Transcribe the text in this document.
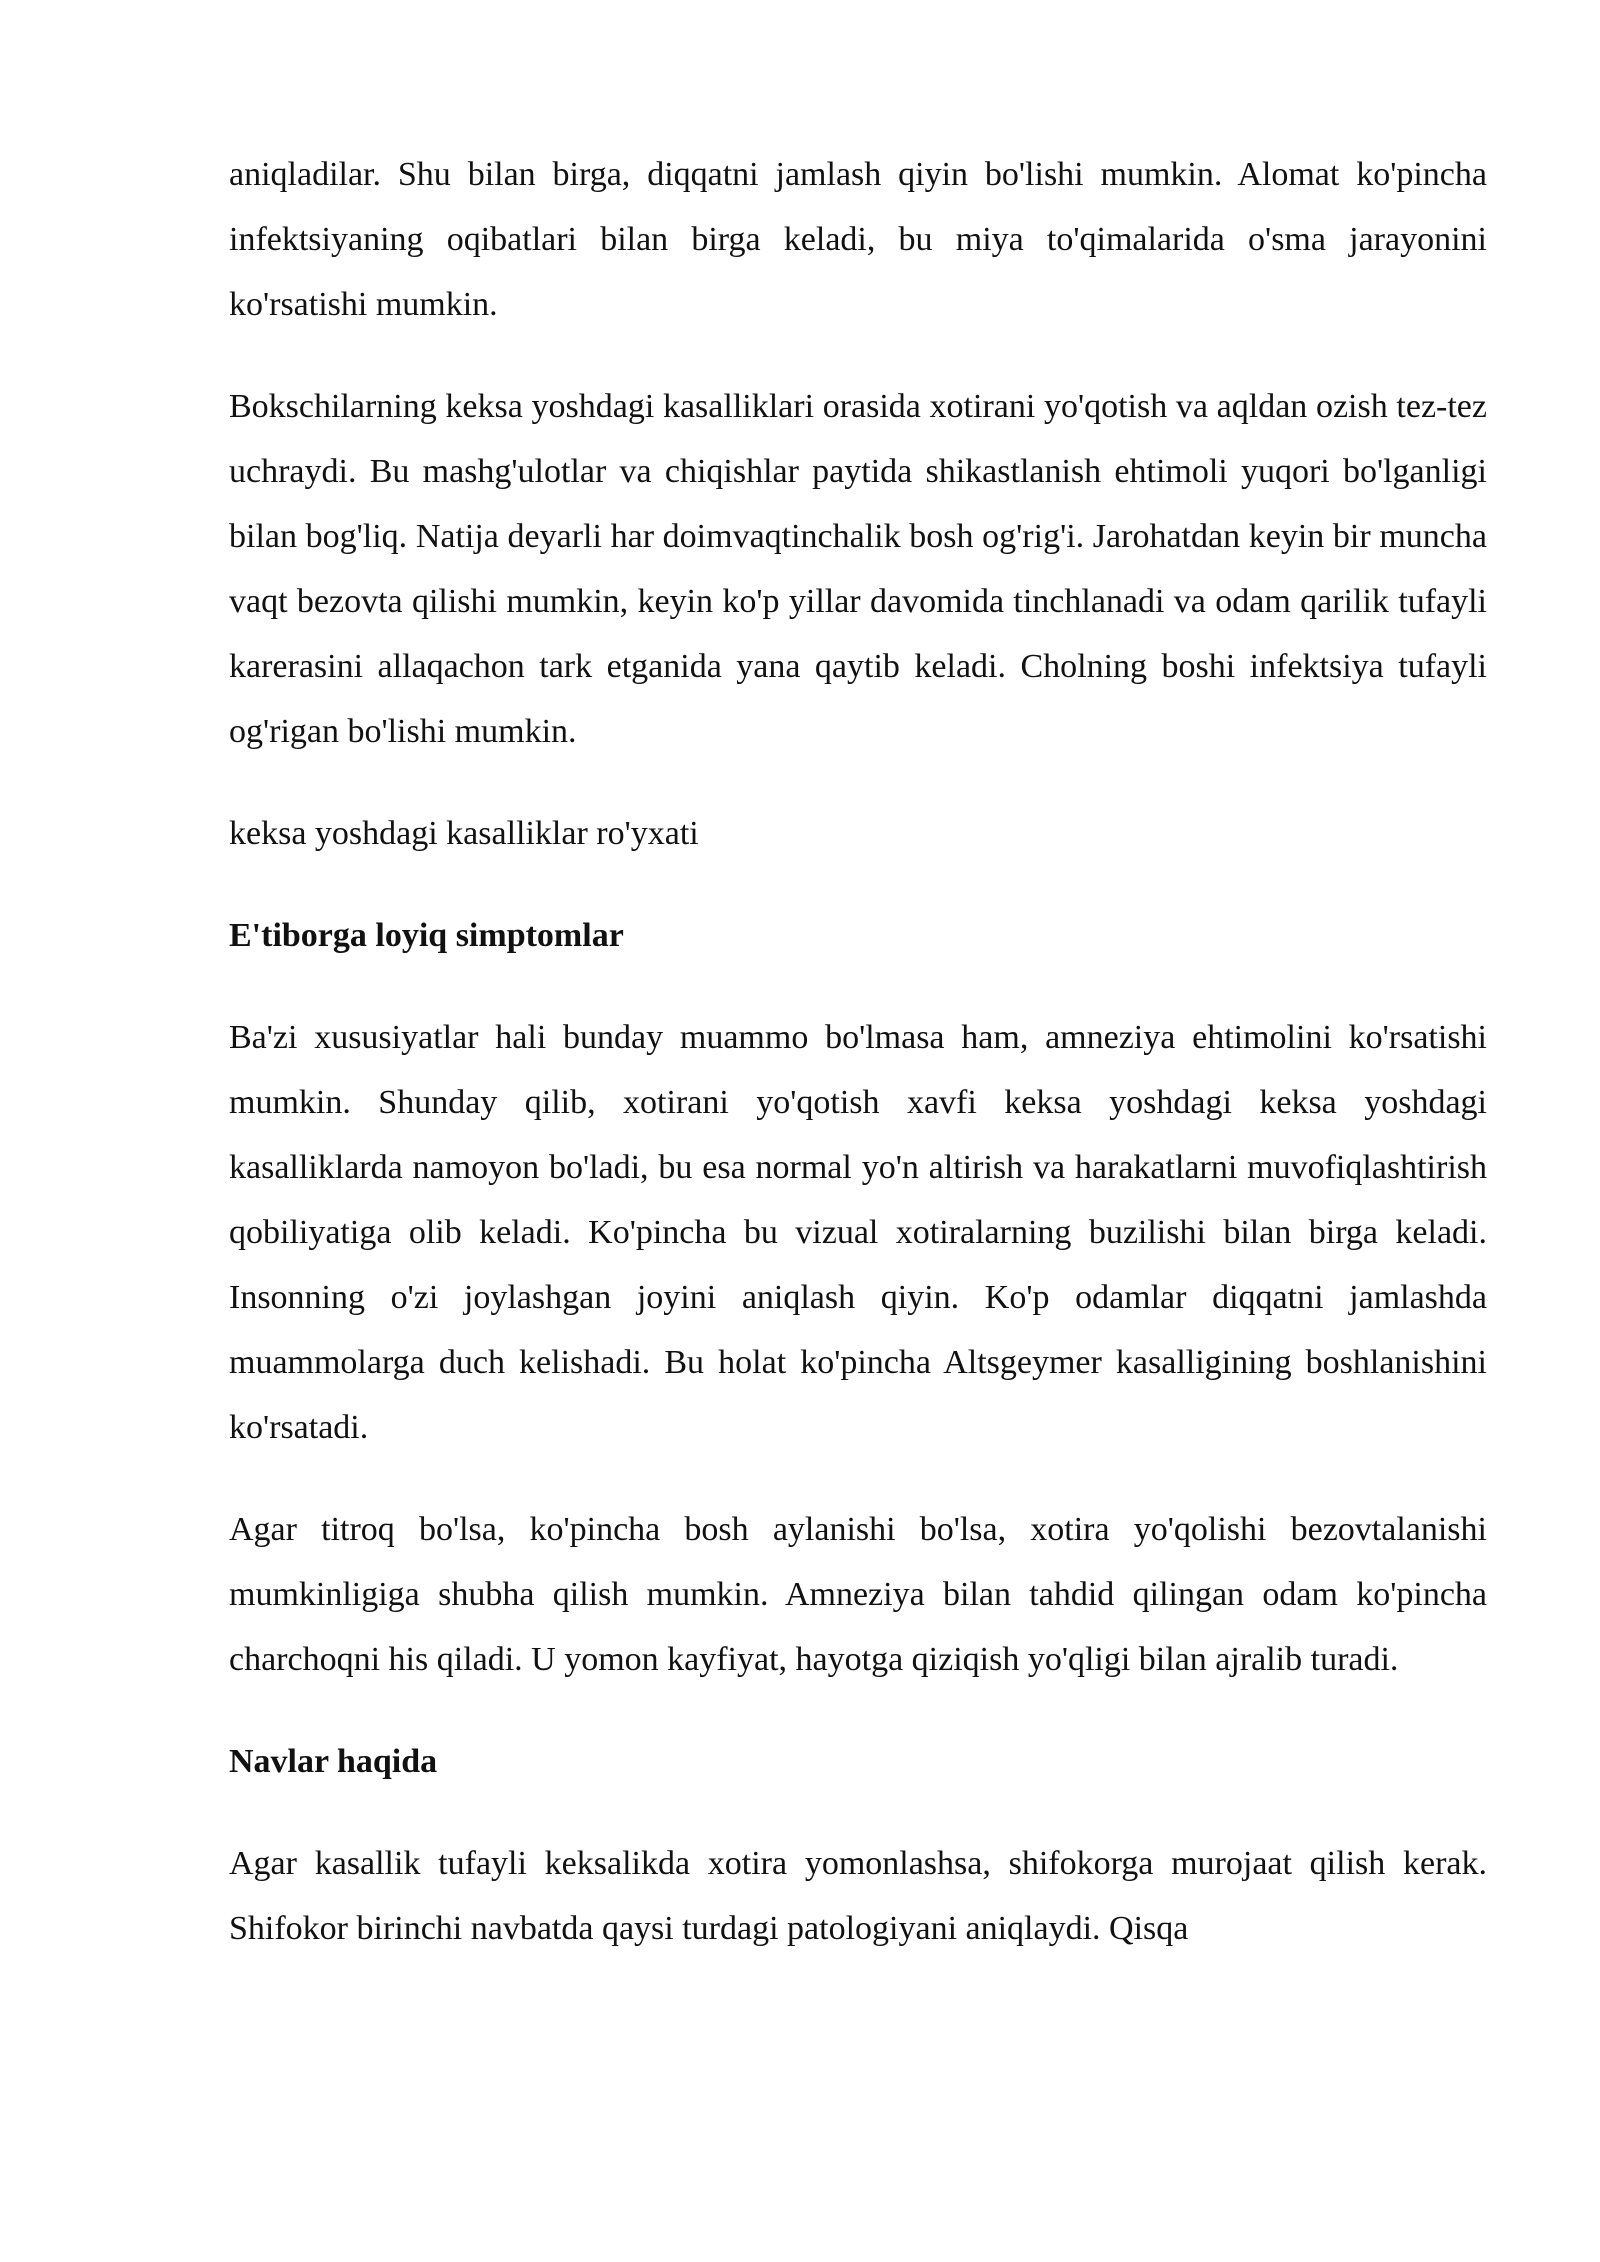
aniqladilar. Shu bilan birga, diqqatni jamlash qiyin bo'lishi mumkin. Alomat ko'pincha infektsiyaning oqibatlari bilan birga keladi, bu miya to'qimalarida o'sma jarayonini ko'rsatishi mumkin.

Bokschilarning keksa yoshdagi kasalliklari orasida xotirani yo'qotish va aqldan ozish tez-tez uchraydi. Bu mashg'ulotlar va chiqishlar paytida shikastlanish ehtimoli yuqori bo'lganligi bilan bog'liq. Natija deyarli har doimvaqtinchalik bosh og'rig'i. Jarohatdan keyin bir muncha vaqt bezovta qilishi mumkin, keyin ko'p yillar davomida tinchlanadi va odam qarilik tufayli karerasini allaqachon tark etganida yana qaytib keladi. Cholning boshi infektsiya tufayli og'rigan bo'lishi mumkin.

keksa yoshdagi kasalliklar ro'yxati

E'tiborga loyiq simptomlar

Ba'zi xususiyatlar hali bunday muammo bo'lmasa ham, amneziya ehtimolini ko'rsatishi mumkin. Shunday qilib, xotirani yo'qotish xavfi keksa yoshdagi keksa yoshdagi kasalliklarda namoyon bo'ladi, bu esa normal yo'n altirish va harakatlarni muvofiqlashtirish qobiliyatiga olib keladi. Ko'pincha bu vizual xotiralarning buzilishi bilan birga keladi. Insonning o'zi joylashgan joyini aniqlash qiyin. Ko'p odamlar diqqatni jamlashda muammolarga duch kelishadi. Bu holat ko'pincha Altsgeymer kasalligining boshlanishini ko'rsatadi.

Agar titroq bo'lsa, ko'pincha bosh aylanishi bo'lsa, xotira yo'qolishi bezovtalanishi mumkinligiga shubha qilish mumkin. Amneziya bilan tahdid qilingan odam ko'pincha charchoqni his qiladi. U yomon kayfiyat, hayotga qiziqish yo'qligi bilan ajralib turadi.

Navlar haqida

Agar kasallik tufayli keksalikda xotira yomonlashsa, shifokorga murojaat qilish kerak. Shifokor birinchi navbatda qaysi turdagi patologiyani aniqlaydi. Qisqa
